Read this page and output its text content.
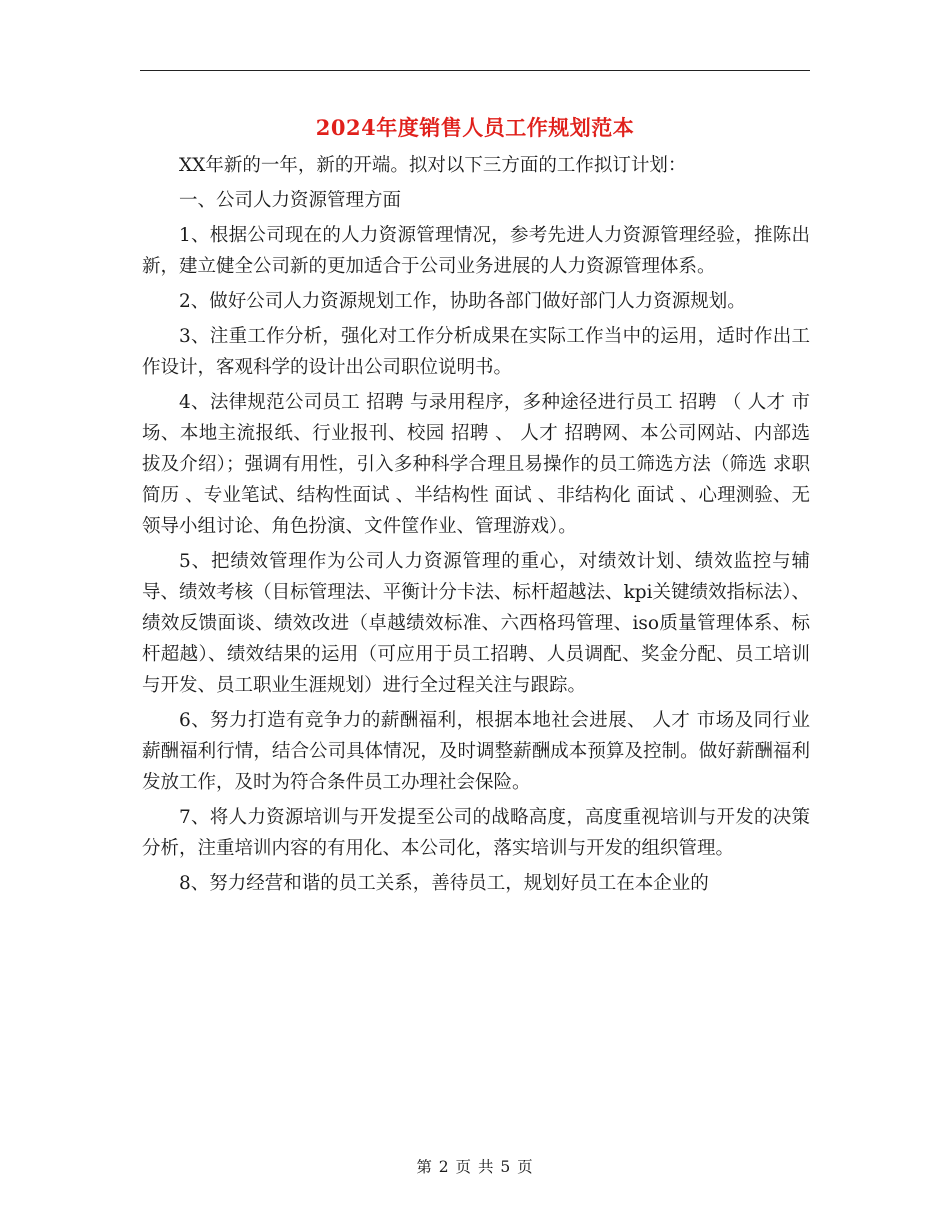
2024年度销售人员工作规划范本

XX年新的一年，新的开端。拟对以下三方面的工作拟订计划：

一、公司人力资源管理方面

1、根据公司现在的人力资源管理情况，参考先进人力资源管理经验，推陈出新，建立健全公司新的更加适合于公司业务进展的人力资源管理体系。

2、做好公司人力资源规划工作，协助各部门做好部门人力资源规划。

3、注重工作分析，强化对工作分析成果在实际工作当中的运用，适时作出工作设计，客观科学的设计出公司职位说明书。

4、法律规范公司员工 招聘 与录用程序，多种途径进行员工 招聘 （ 人才 市场、本地主流报纸、行业报刊、校园 招聘 、 人才 招聘网、本公司网站、内部选拔及介绍）；强调有用性，引入多种科学合理且易操作的员工筛选方法（筛选 求职 简历 、专业笔试、结构性面试 、半结构性 面试 、非结构化 面试 、心理测验、无领导小组讨论、角色扮演、文件筐作业、管理游戏）。

5、把绩效管理作为公司人力资源管理的重心，对绩效计划、绩效监控与辅导、绩效考核（目标管理法、平衡计分卡法、标杆超越法、kpi关键绩效指标法）、绩效反馈面谈、绩效改进（卓越绩效标准、六西格玛管理、iso质量管理体系、标杆超越）、绩效结果的运用（可应用于员工招聘、人员调配、奖金分配、员工培训与开发、员工职业生涯规划）进行全过程关注与跟踪。

6、努力打造有竞争力的薪酬福利，根据本地社会进展、 人才 市场及同行业薪酬福利行情，结合公司具体情况，及时调整薪酬成本预算及控制。做好薪酬福利发放工作，及时为符合条件员工办理社会保险。

7、将人力资源培训与开发提至公司的战略高度，高度重视培训与开发的决策分析，注重培训内容的有用化、本公司化，落实培训与开发的组织管理。

8、努力经营和谐的员工关系，善待员工，规划好员工在本企业的

第 2 页 共 5 页
